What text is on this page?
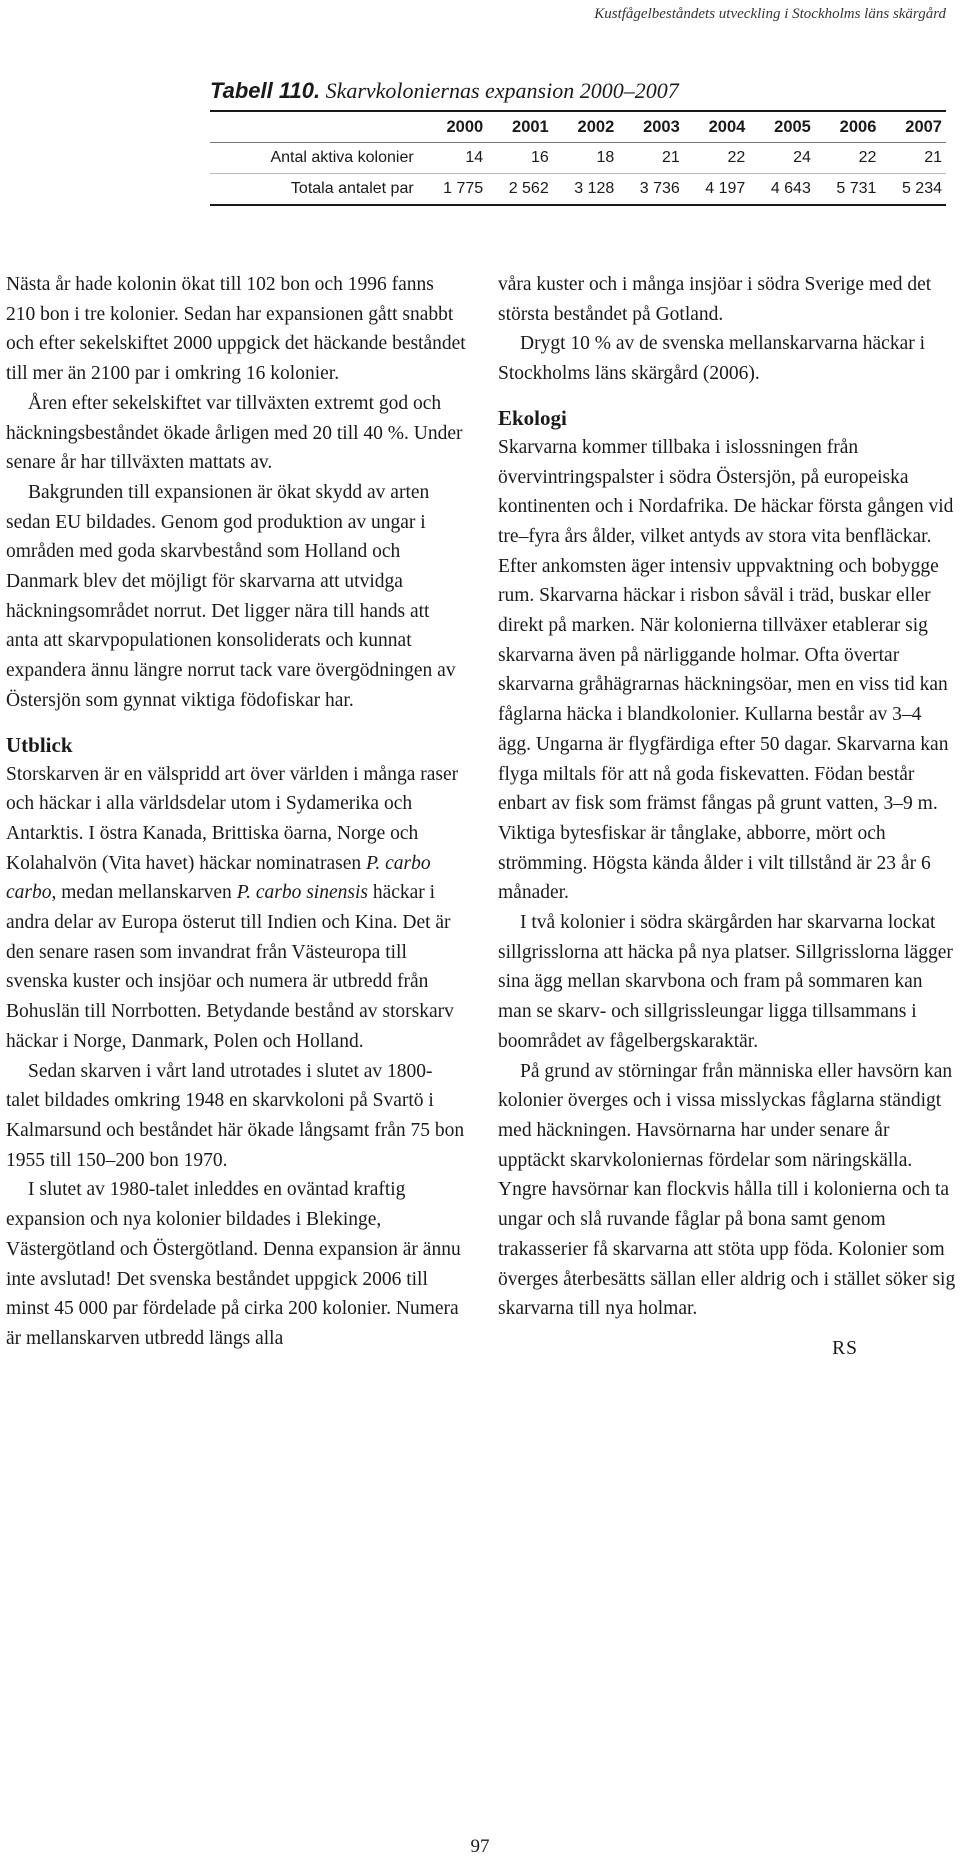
Kustfågelbeståndets utveckling i Stockholms läns skärgård
Tabell 110. Skarvkoloniernas expansion 2000–2007
	2000	2001	2002	2003	2004	2005	2006	2007
Antal aktiva kolonier	14	16	18	21	22	24	22	21
Totala antalet par	1 775	2 562	3 128	3 736	4 197	4 643	5 731	5 234

Nästa år hade kolonin ökat till 102 bon och 1996 fanns 210 bon i tre kolonier. Sedan har expansionen gått snabbt och efter sekelskiftet 2000 uppgick det häckande beståndet till mer än 2100 par i omkring 16 kolonier.

Åren efter sekelskiftet var tillväxten extremt god och häckningsbeståndet ökade årligen med 20 till 40 %. Under senare år har tillväxten mattats av.

Bakgrunden till expansionen är ökat skydd av arten sedan EU bildades. Genom god produktion av ungar i områden med goda skarvbestånd som Holland och Danmark blev det möjligt för skarvarna att utvidga häckningsområdet norrut. Det ligger nära till hands att anta att skarvpopulationen konsoliderats och kunnat expandera ännu längre norrut tack vare övergödningen av Östersjön som gynnat viktiga födofiskar har.

Utblick

Storskarven är en välspridd art över världen i många raser och häckar i alla världsdelar utom i Sydamerika och Antarktis. I östra Kanada, Brittiska öarna, Norge och Kolahalvön (Vita havet) häckar nominatrasen P. carbo carbo, medan mellanskarven P. carbo sinensis häckar i andra delar av Europa österut till Indien och Kina. Det är den senare rasen som invandrat från Västeuropa till svenska kuster och insjöar och numera är utbredd från Bohuslän till Norrbotten. Betydande bestånd av storskarv häckar i Norge, Danmark, Polen och Holland.

Sedan skarven i vårt land utrotades i slutet av 1800-talet bildades omkring 1948 en skarvkoloni på Svartö i Kalmarsund och beståndet här ökade långsamt från 75 bon 1955 till 150–200 bon 1970.

I slutet av 1980-talet inleddes en oväntad kraftig expansion och nya kolonier bildades i Blekinge, Västergötland och Östergötland. Denna expansion är ännu inte avslutad! Det svenska beståndet uppgick 2006 till minst 45 000 par fördelade på cirka 200 kolonier. Numera är mellanskarven utbredd längs alla

våra kuster och i många insjöar i södra Sverige med det största beståndet på Gotland.

Drygt 10 % av de svenska mellanskarvarna häckar i Stockholms läns skärgård (2006).

Ekologi

Skarvarna kommer tillbaka i islossningen från övervintringspalster i södra Östersjön, på europeiska kontinenten och i Nordafrika. De häckar första gången vid tre–fyra års ålder, vilket antyds av stora vita benfläckar. Efter ankomsten äger intensiv uppvaktning och bobygge rum. Skarvarna häckar i risbon såväl i träd, buskar eller direkt på marken. När kolonierna tillväxer etablerar sig skarvarna även på närliggande holmar. Ofta övertar skarvarna gråhägrarnas häckningsöar, men en viss tid kan fåglarna häcka i blandkolonier. Kullarna består av 3–4 ägg. Ungarna är flygfärdiga efter 50 dagar. Skarvarna kan flyga miltals för att nå goda fiskevatten. Födan består enbart av fisk som främst fångas på grunt vatten, 3–9 m. Viktiga bytesfiskar är tånglake, abborre, mört och strömming. Högsta kända ålder i vilt tillstånd är 23 år 6 månader.

I två kolonier i södra skärgården har skarvarna lockat sillgrisslorna att häcka på nya platser. Sillgrisslorna lägger sina ägg mellan skarvbona och fram på sommaren kan man se skarv- och sillgrissleungar ligga tillsammans i boområdet av fågelbergskaraktär.

På grund av störningar från människa eller havsörn kan kolonier överges och i vissa misslyckas fåglarna ständigt med häckningen. Havsörnarna har under senare år upptäckt skarvkoloniernas fördelar som näringskälla. Yngre havsörnar kan flockvis hålla till i kolonierna och ta ungar och slå ruvande fåglar på bona samt genom trakasserier få skarvarna att stöta upp föda. Kolonier som överges återbesätts sällan eller aldrig och i stället söker sig skarvarna till nya holmar.

RS
97
